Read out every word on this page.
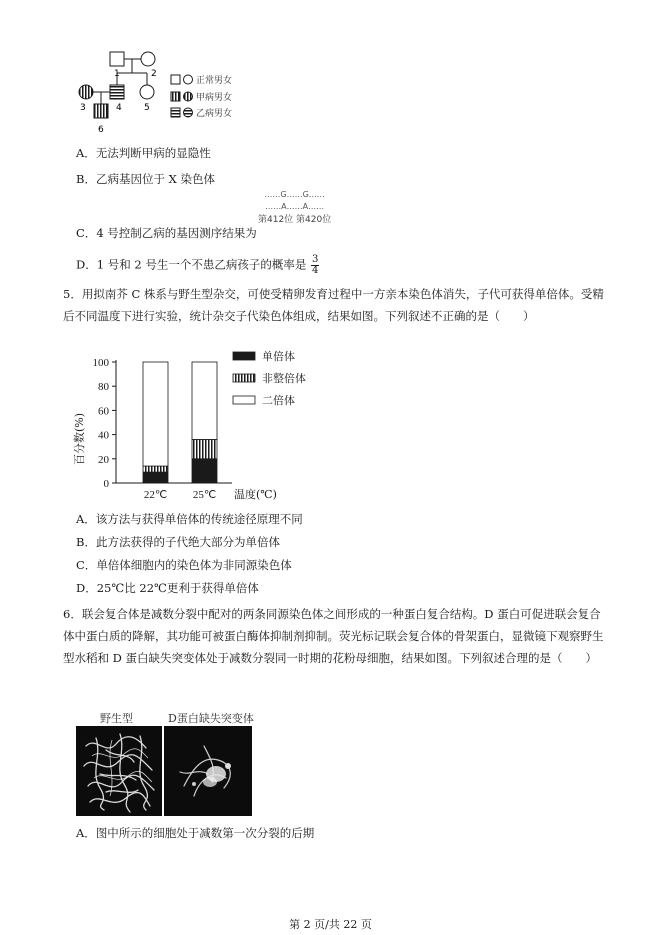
1	2
3	4 5
6
正常男女
甲病男女
乙病男女
A．无法判断甲病的显隐性
B．乙病基因位于 X 染色体
……G……G……
……A……A……
第412位 第420位
C．4 号控制乙病的基因测序结果为
D．1 号和 2 号生一个不患乙病孩子的概率是 $\frac{3}{4}$
5．用拟南芥 C 株系与野生型杂交，可使受精卵发育过程中一方亲本染色体消失，子代可获得单倍体。受精后不同温度下进行实验，统计杂交子代染色体组成，结果如图。下列叙述不正确的是（　　）
0
20
40
60
80
100
22℃ 25℃
单倍体
非整倍体
二倍体
百分数(%)
温度(℃)
A．该方法与获得单倍体的传统途径原理不同
B．此方法获得的子代绝大部分为单倍体
C．单倍体细胞内的染色体为非同源染色体
D．25℃比 22℃更利于获得单倍体
6．联会复合体是减数分裂中配对的两条同源染色体之间形成的一种蛋白复合结构。D 蛋白可促进联会复合体中蛋白质的降解，其功能可被蛋白酶体抑制剂抑制。荧光标记联会复合体的骨架蛋白，显微镜下观察野生型水稻和 D 蛋白缺失突变体处于减数分裂同一时期的花粉母细胞，结果如图。下列叙述合理的是（　　）
野生型	D蛋白缺失突变体
A．图中所示的细胞处于减数第一次分裂的后期
第 2 页/共 22 页
